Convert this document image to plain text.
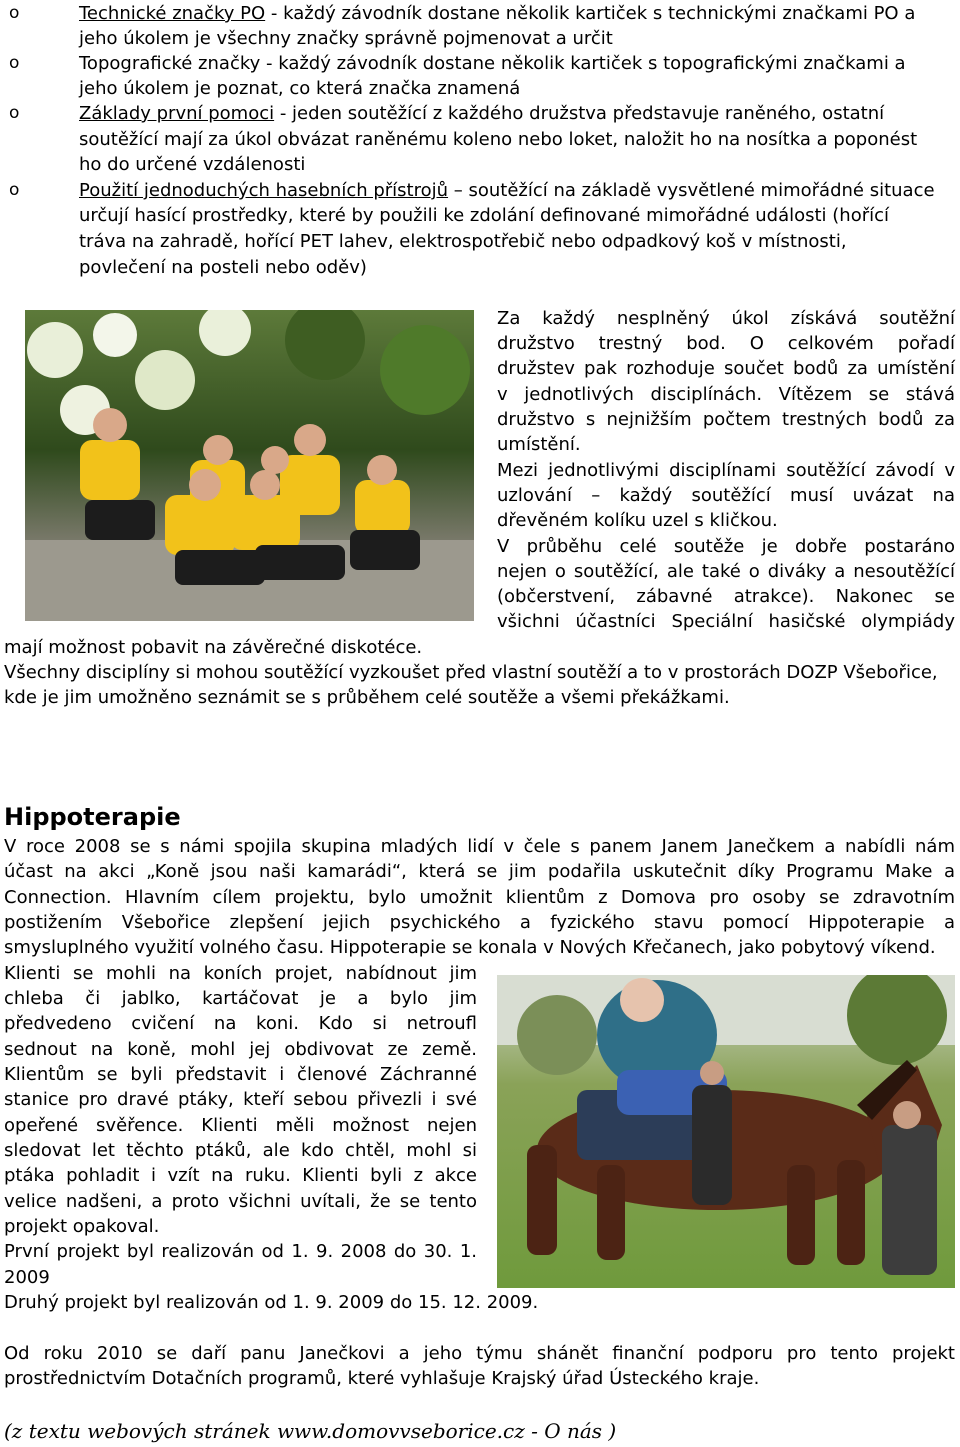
o	Technické značky PO - každý závodník dostane několik kartiček s technickými značkami PO a
jeho úkolem je všechny značky správně pojmenovat a určit
o	Topografické značky - každý závodník dostane několik kartiček s topografickými značkami a
jeho úkolem je poznat, co která značka znamená
o	Základy první pomoci - jeden soutěžící z každého družstva představuje raněného, ostatní
soutěžící mají za úkol obvázat raněnému koleno nebo loket, naložit ho na nosítka a poponést
ho do určené vzdálenosti
o	Použití jednoduchých hasebních přístrojů – soutěžící na základě vysvětlené mimořádné situace
určují hasící prostředky, které by použili ke zdolání definované mimořádné události (hořící
tráva na zahradě, hořící PET lahev, elektrospotřebič nebo odpadkový koš v místnosti,
povlečení na posteli nebo oděv)
Za každý nesplněný úkol získává soutěžní
družstvo trestný bod. O celkovém pořadí
družstev pak rozhoduje součet bodů za umístění
v jednotlivých disciplínách. Vítězem se stává
družstvo s nejnižším počtem trestných bodů za
umístění.
Mezi jednotlivými disciplínami soutěžící závodí v
uzlování – každý soutěžící musí uvázat na
dřevěném kolíku uzel s kličkou.
V průběhu celé soutěže je dobře postaráno
nejen o soutěžící, ale také o diváky a nesoutěžící
(občerstvení, zábavné atrakce). Nakonec se
všichni účastníci Speciální hasičské olympiády
mají možnost pobavit na závěrečné diskotéce.
Všechny disciplíny si mohou soutěžící vyzkoušet před vlastní soutěží a to v prostorách DOZP Všebořice,
kde je jim umožněno seznámit se s průběhem celé soutěže a všemi překážkami.
Hippoterapie
V roce 2008 se s námi spojila skupina mladých lidí v čele s panem Janem Janečkem a nabídli nám
účast na akci „Koně jsou naši kamarádi“, která se jim podařila uskutečnit díky Programu Make a
Connection. Hlavním cílem projektu, bylo umožnit klientům z Domova pro osoby se zdravotním
postižením Všebořice zlepšení jejich psychického a fyzického stavu pomocí Hippoterapie a
smysluplného využití volného času. Hippoterapie se konala v Nových Křečanech, jako pobytový víkend.
Klienti se mohli na koních projet, nabídnout jim
chleba či jablko, kartáčovat je a bylo jim
předvedeno cvičení na koni. Kdo si netroufl
sednout na koně, mohl jej obdivovat ze země.
Klientům se byli představit i členové Záchranné
stanice pro dravé ptáky, kteří sebou přivezli i své
opeřené svěřence. Klienti měli možnost nejen
sledovat let těchto ptáků, ale kdo chtěl, mohl si
ptáka pohladit i vzít na ruku. Klienti byli z akce
velice nadšeni, a proto všichni uvítali, že se tento
projekt opakoval.
První projekt byl realizován od 1. 9. 2008 do 30. 1.
2009
Druhý projekt byl realizován od 1. 9. 2009 do 15. 12. 2009.
Od roku 2010 se daří panu Janečkovi a jeho týmu shánět finanční podporu pro tento projekt
prostřednictvím Dotačních programů, které vyhlašuje Krajský úřad Ústeckého kraje.
(z textu webových stránek www.domovvseborice.cz - O nás )
